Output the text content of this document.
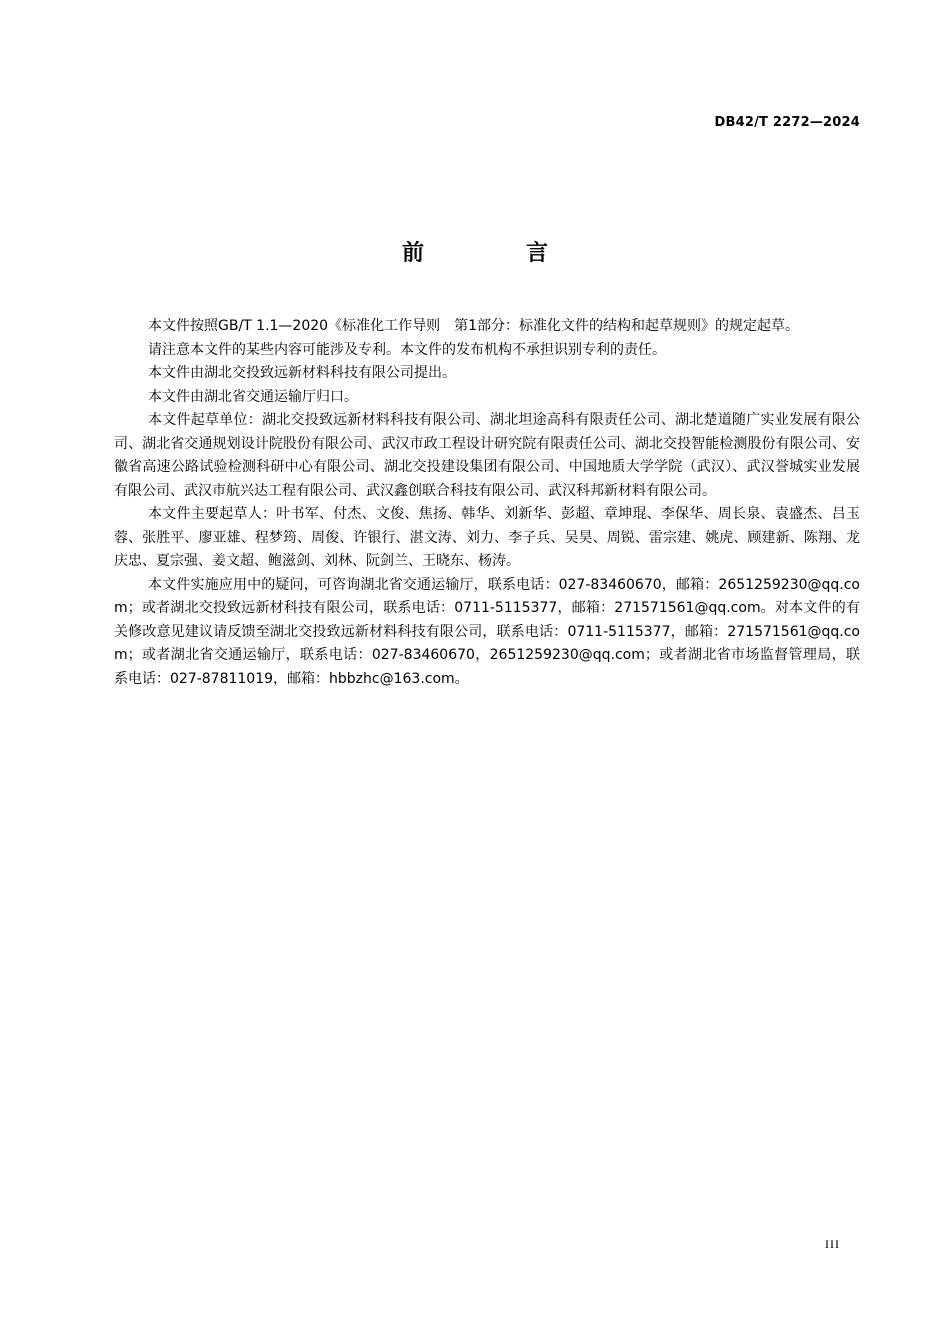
DB42/T 2272—2024
前　言

本文件按照GB/T 1.1—2020《标准化工作导则　第1部分：标准化文件的结构和起草规则》的规定起草。

请注意本文件的某些内容可能涉及专利。本文件的发布机构不承担识别专利的责任。

本文件由湖北交投致远新材料科技有限公司提出。

本文件由湖北省交通运输厅归口。

本文件起草单位：湖北交投致远新材料科技有限公司、湖北坦途高科有限责任公司、湖北楚道随广实业发展有限公司、湖北省交通规划设计院股份有限公司、武汉市政工程设计研究院有限责任公司、湖北交投智能检测股份有限公司、安徽省高速公路试验检测科研中心有限公司、湖北交投建设集团有限公司、中国地质大学学院（武汉）、武汉誉城实业发展有限公司、武汉市航兴达工程有限公司、武汉鑫创联合科技有限公司、武汉科邦新材料有限公司。

本文件主要起草人：叶书军、付杰、文俊、焦扬、韩华、刘新华、彭超、章坤琨、李保华、周长泉、袁盛杰、吕玉蓉、张胜平、廖亚雄、程梦筠、周俊、许银行、湛文涛、刘力、李子兵、吴昊、周锐、雷宗建、姚虎、顾建新、陈翔、龙庆忠、夏宗强、姜文超、鲍滋剑、刘林、阮剑兰、王晓东、杨涛。

本文件实施应用中的疑问，可咨询湖北省交通运输厅，联系电话：027-83460670，邮箱：2651259230@qq.com；或者湖北交投致远新材科技有限公司，联系电话：0711-5115377，邮箱：271571561@qq.com。对本文件的有关修改意见建议请反馈至湖北交投致远新材料科技有限公司，联系电话：0711-5115377，邮箱：271571561@qq.com；或者湖北省交通运输厅，联系电话：027-83460670，2651259230@qq.com；或者湖北省市场监督管理局，联系电话：027-87811019，邮箱：hbbzhc@163.com。

III
